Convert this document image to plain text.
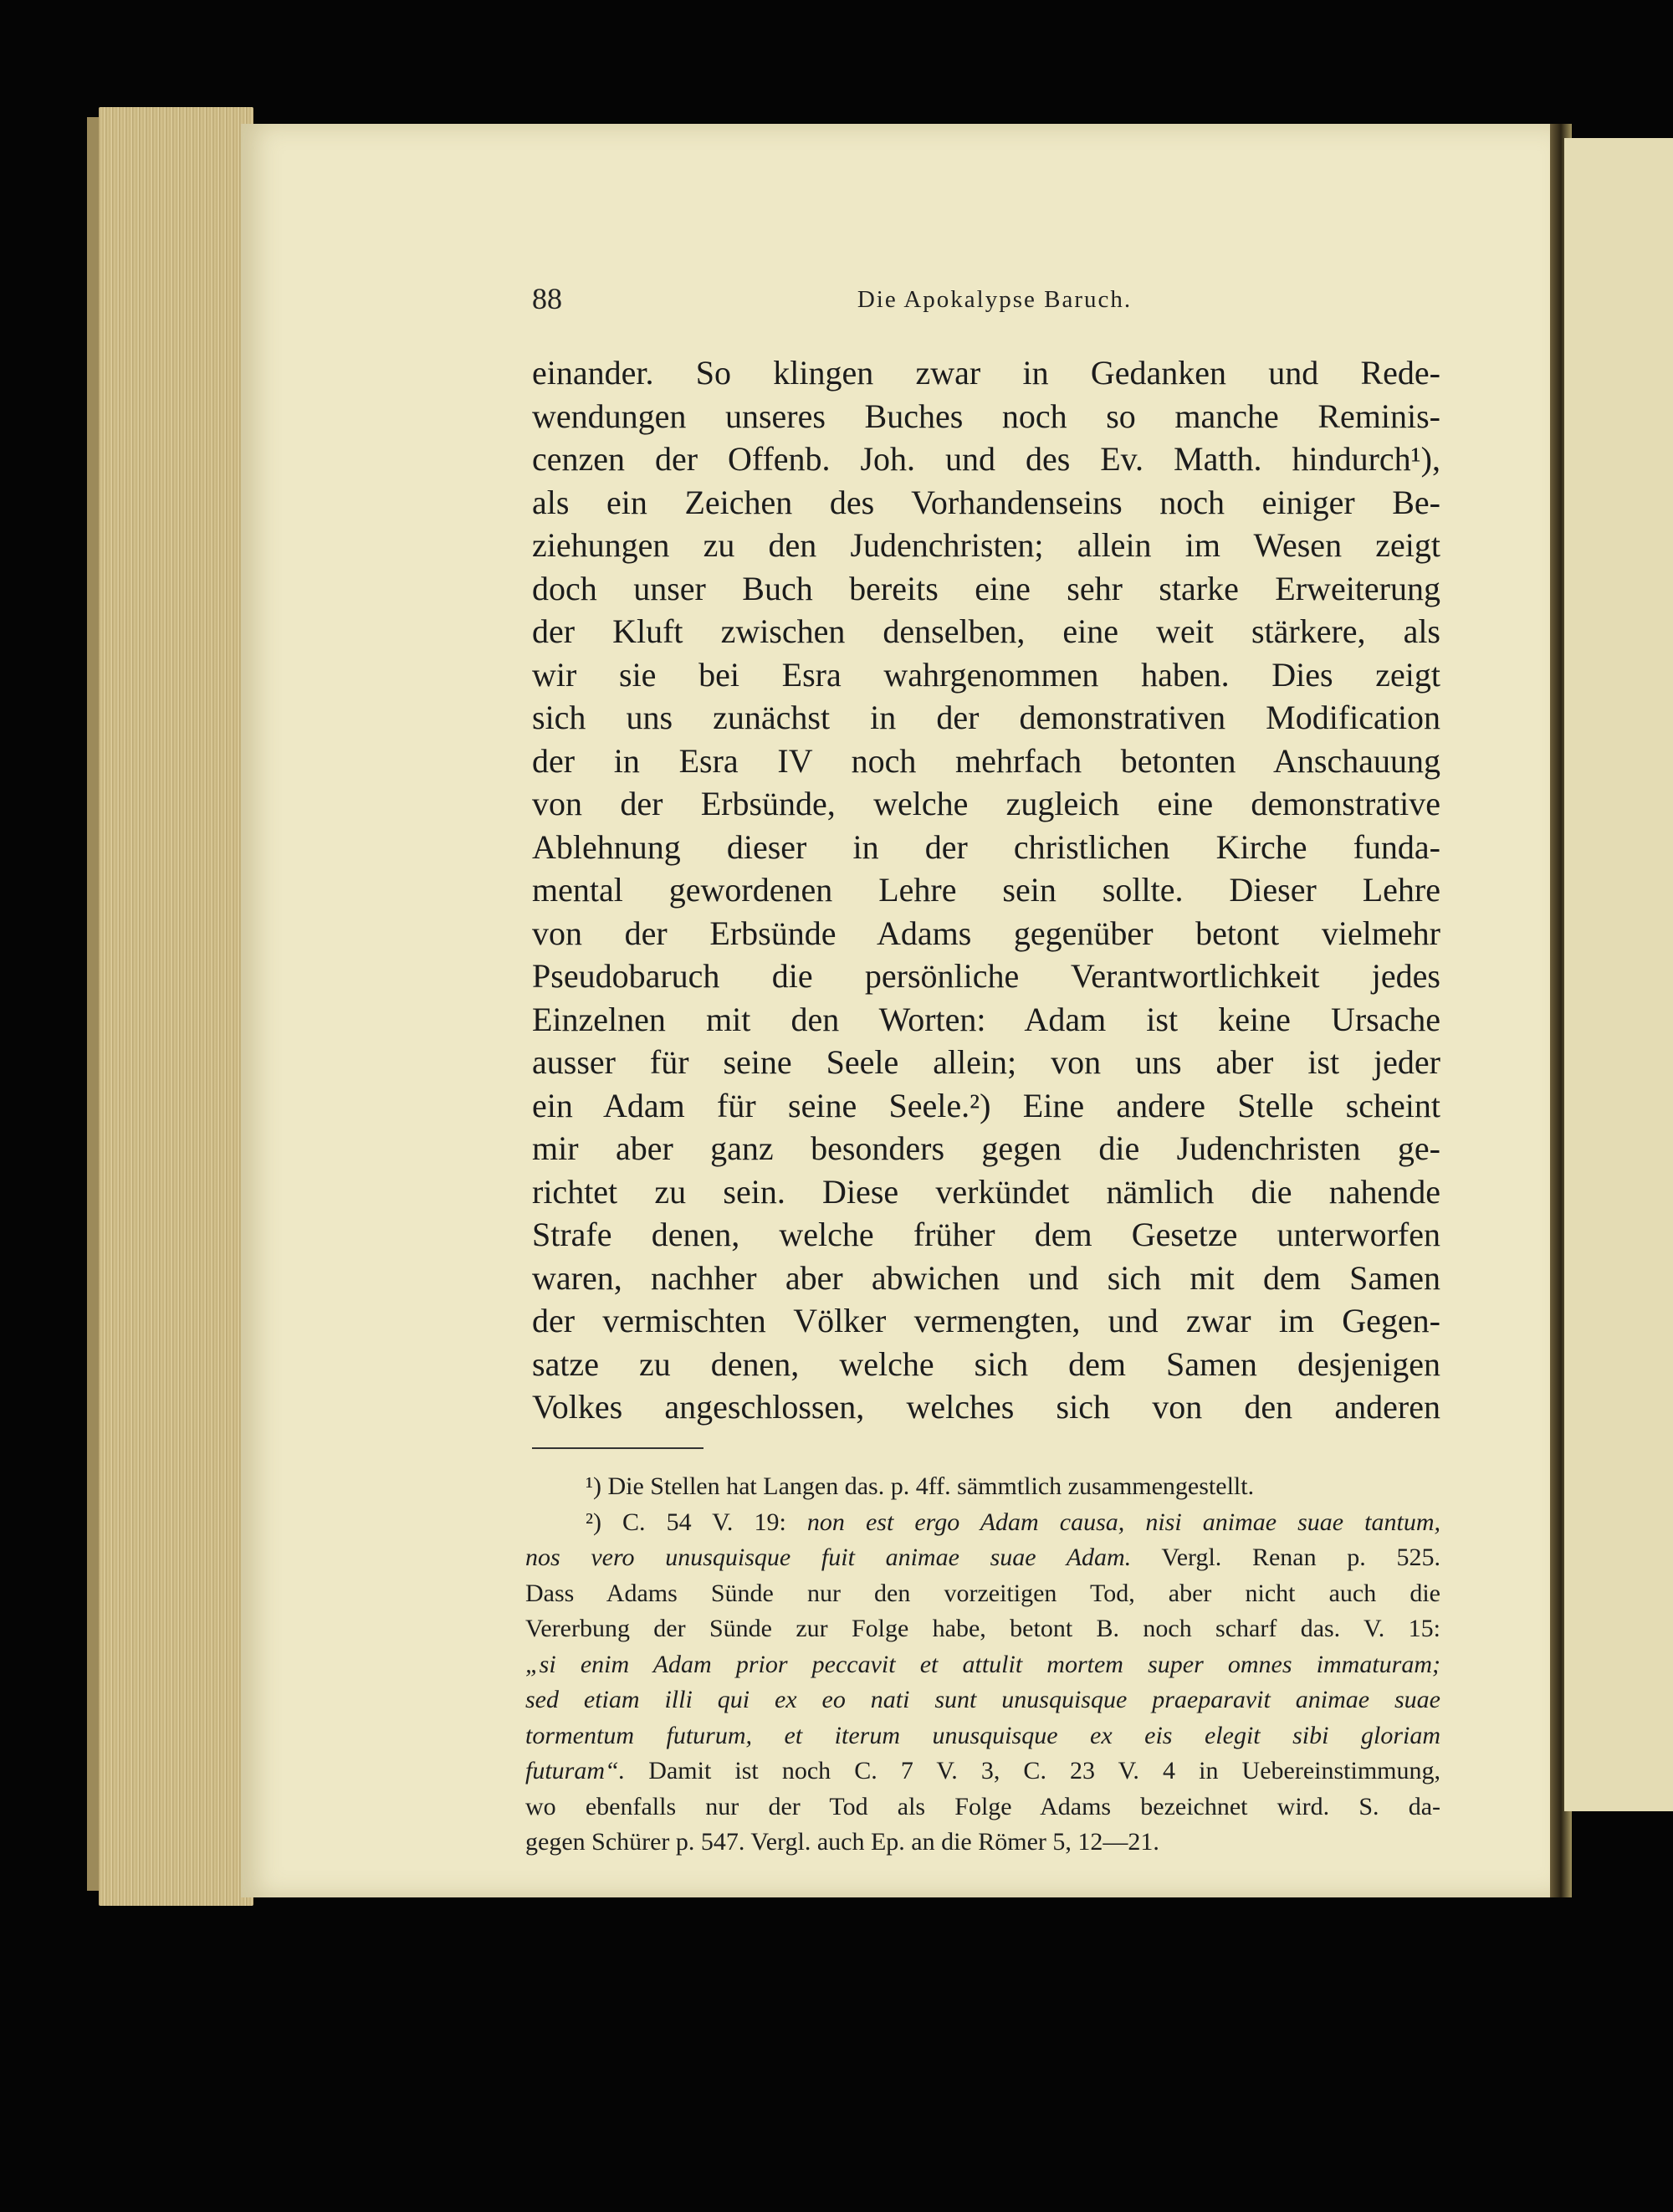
88	Die Apokalypse Baruch.
einander. So klingen zwar in Gedanken und Rede-
wendungen unseres Buches noch so manche Reminis-
cenzen der Offenb. Joh. und des Ev. Matth. hindurch¹),
als ein Zeichen des Vorhandenseins noch einiger Be-
ziehungen zu den Judenchristen; allein im Wesen zeigt
doch unser Buch bereits eine sehr starke Erweiterung
der Kluft zwischen denselben, eine weit stärkere, als
wir sie bei Esra wahrgenommen haben. Dies zeigt
sich uns zunächst in der demonstrativen Modification
der in Esra IV noch mehrfach betonten Anschauung
von der Erbsünde, welche zugleich eine demonstrative
Ablehnung dieser in der christlichen Kirche funda-
mental gewordenen Lehre sein sollte. Dieser Lehre
von der Erbsünde Adams gegenüber betont vielmehr
Pseudobaruch die persönliche Verantwortlichkeit jedes
Einzelnen mit den Worten: Adam ist keine Ursache
ausser für seine Seele allein; von uns aber ist jeder
ein Adam für seine Seele.²) Eine andere Stelle scheint
mir aber ganz besonders gegen die Judenchristen ge-
richtet zu sein. Diese verkündet nämlich die nahende
Strafe denen, welche früher dem Gesetze unterworfen
waren, nachher aber abwichen und sich mit dem Samen
der vermischten Völker vermengten, und zwar im Gegen-
satze zu denen, welche sich dem Samen desjenigen
Volkes angeschlossen, welches sich von den anderen
¹) Die Stellen hat Langen das. p. 4ff. sämmtlich zusammengestellt.
²) C. 54 V. 19: non est ergo Adam causa, nisi animae suae tantum,
nos vero unusquisque fuit animae suae Adam. Vergl. Renan p. 525.
Dass Adams Sünde nur den vorzeitigen Tod, aber nicht auch die
Vererbung der Sünde zur Folge habe, betont B. noch scharf das. V. 15:
„si enim Adam prior peccavit et attulit mortem super omnes immaturam;
sed etiam illi qui ex eo nati sunt unusquisque praeparavit animae suae
tormentum futurum, et iterum unusquisque ex eis elegit sibi gloriam
futuram“. Damit ist noch C. 7 V. 3, C. 23 V. 4 in Uebereinstimmung,
wo ebenfalls nur der Tod als Folge Adams bezeichnet wird. S. da-
gegen Schürer p. 547. Vergl. auch Ep. an die Römer 5, 12—21.
